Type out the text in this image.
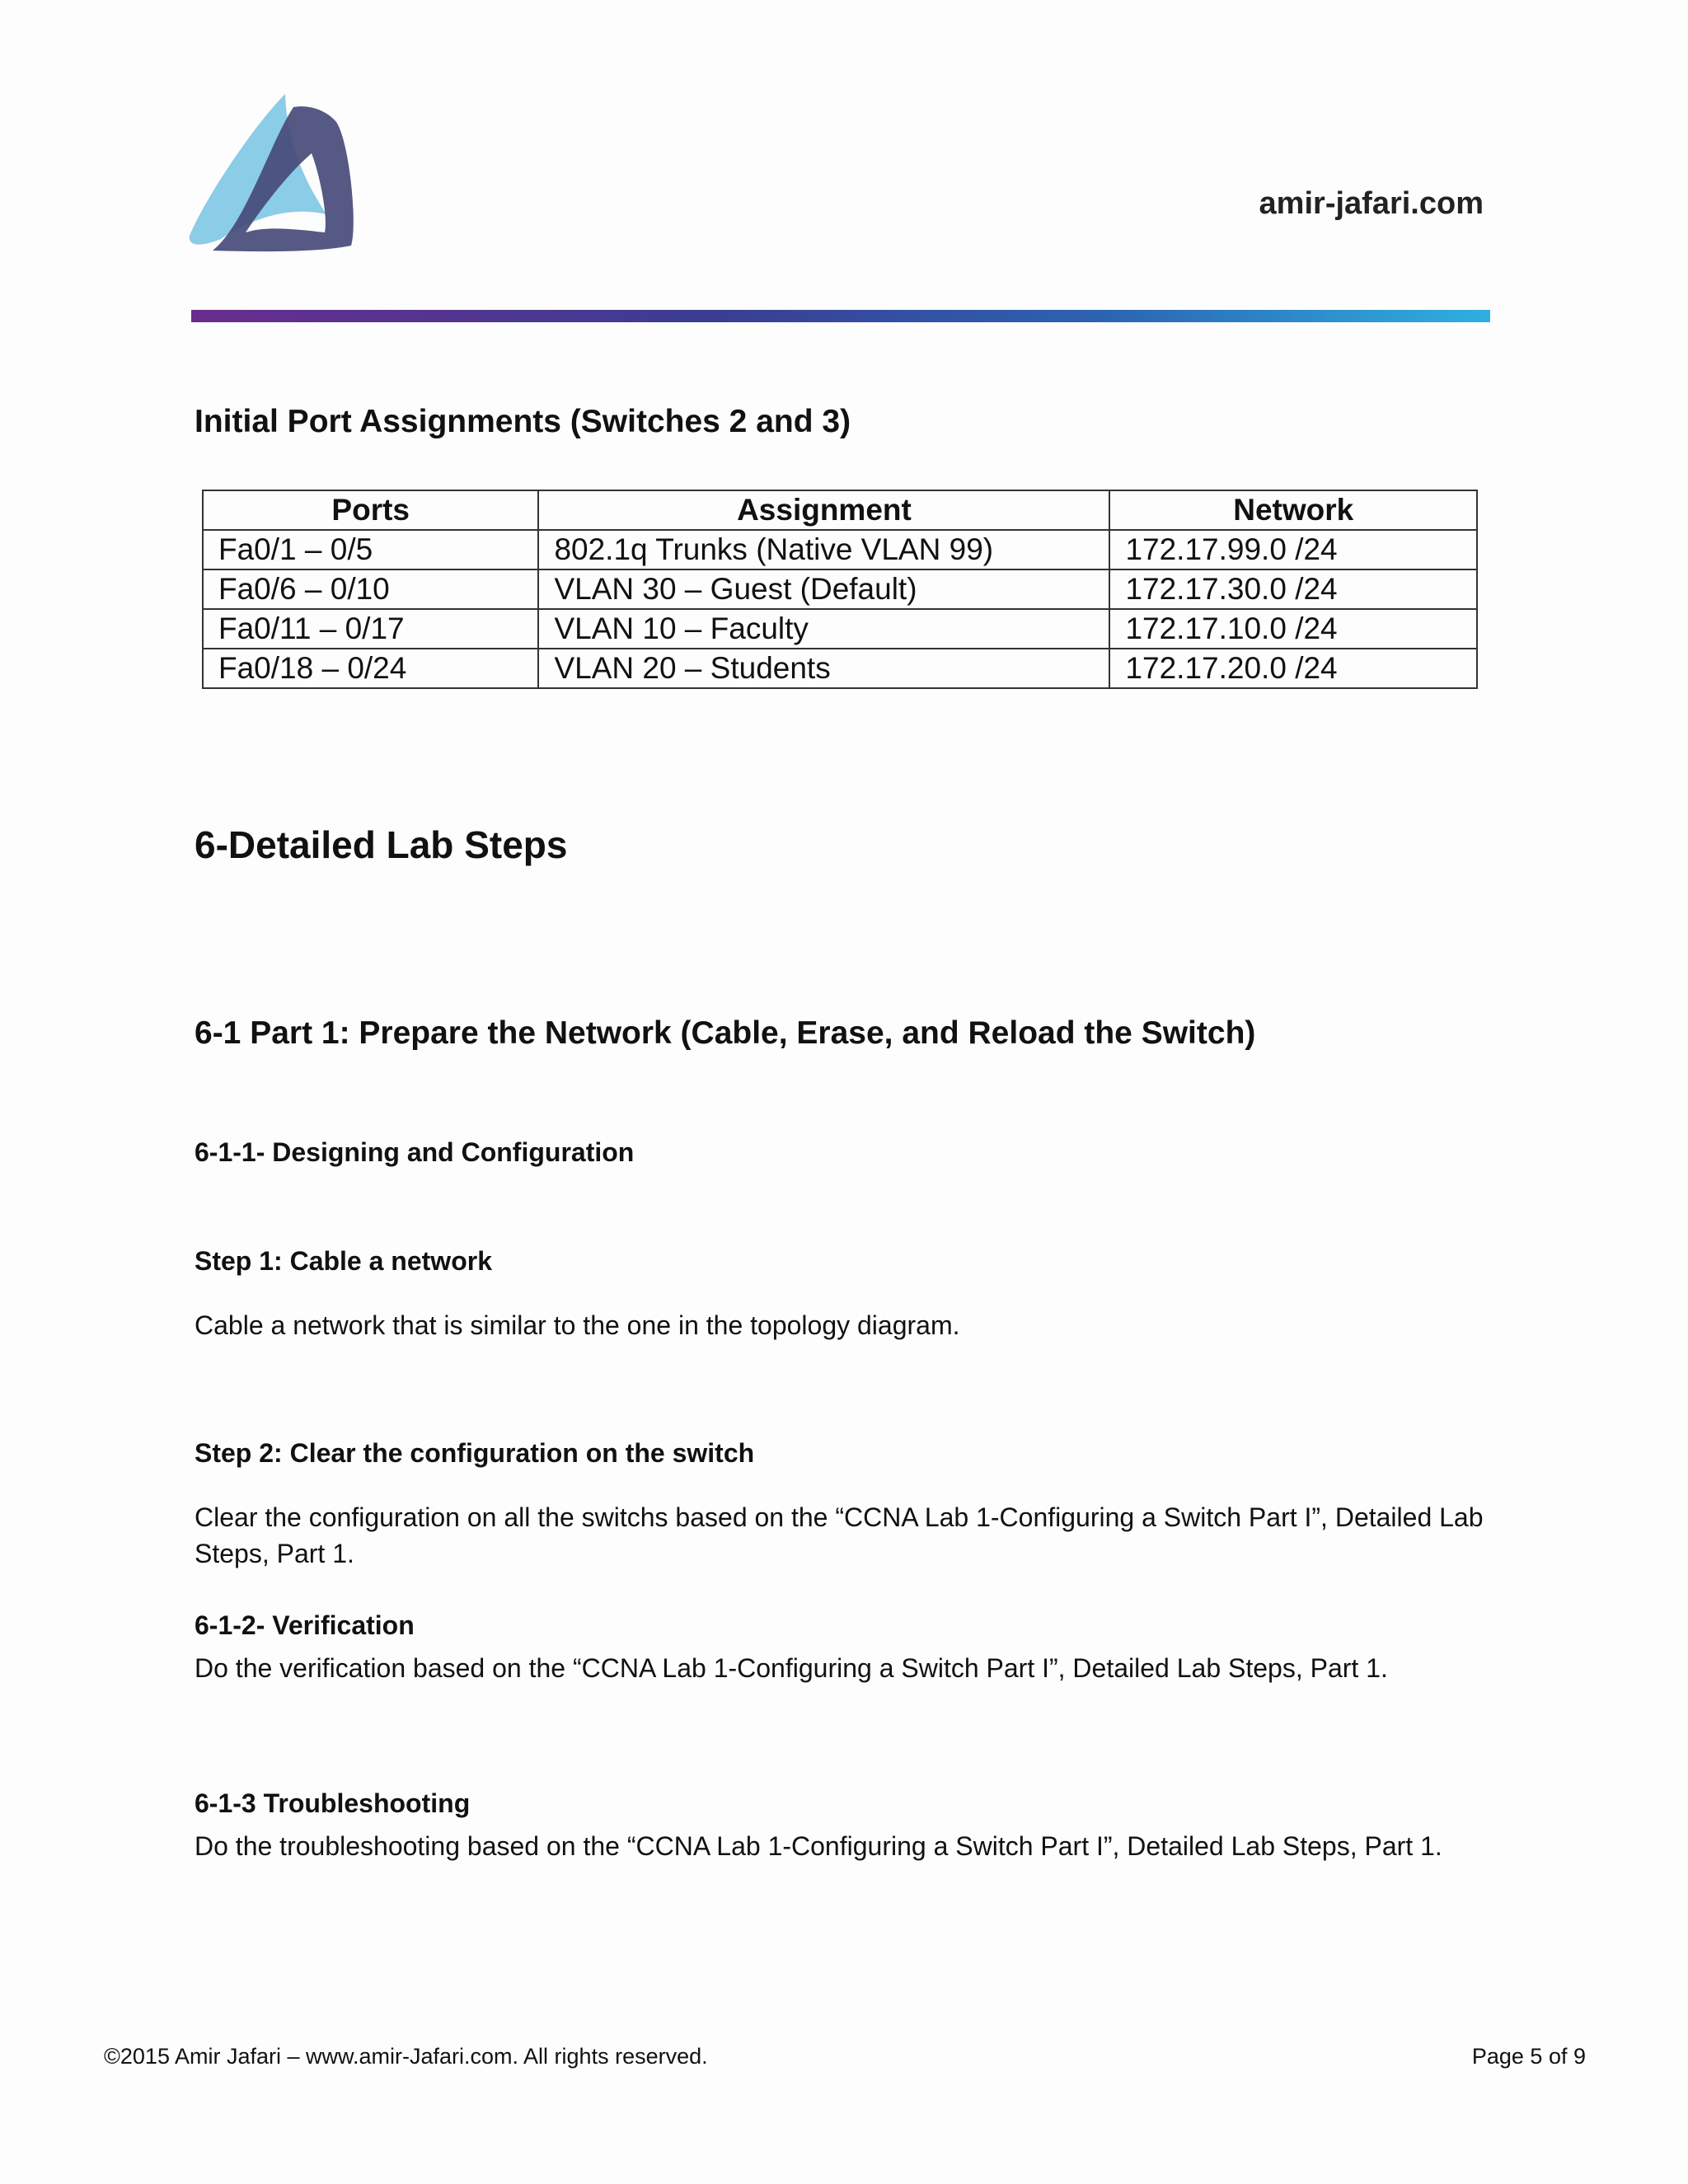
amir-jafari.com
Initial Port Assignments (Switches 2 and 3)
Ports	Assignment	Network
Fa0/1 – 0/5	802.1q Trunks (Native VLAN 99)	172.17.99.0 /24
Fa0/6 – 0/10	VLAN 30 – Guest (Default)	172.17.30.0 /24
Fa0/11 – 0/17	VLAN 10 – Faculty	172.17.10.0 /24
Fa0/18 – 0/24	VLAN 20 – Students	172.17.20.0 /24
6-Detailed Lab Steps
6-1 Part 1: Prepare the Network (Cable, Erase, and Reload the Switch)
6-1-1- Designing and Configuration
Step 1: Cable a network
Cable a network that is similar to the one in the topology diagram.
Step 2: Clear the configuration on the switch
Clear the configuration on all the switchs based on the “CCNA Lab 1-Configuring a Switch Part I”, Detailed Lab Steps, Part 1.
6-1-2- Verification
Do the verification based on the “CCNA Lab 1-Configuring a Switch Part I”, Detailed Lab Steps, Part 1.
6-1-3 Troubleshooting
Do the troubleshooting based on the “CCNA Lab 1-Configuring a Switch Part I”, Detailed Lab Steps, Part 1.
©2015 Amir Jafari – www.amir-Jafari.com. All rights reserved.	Page 5 of 9
